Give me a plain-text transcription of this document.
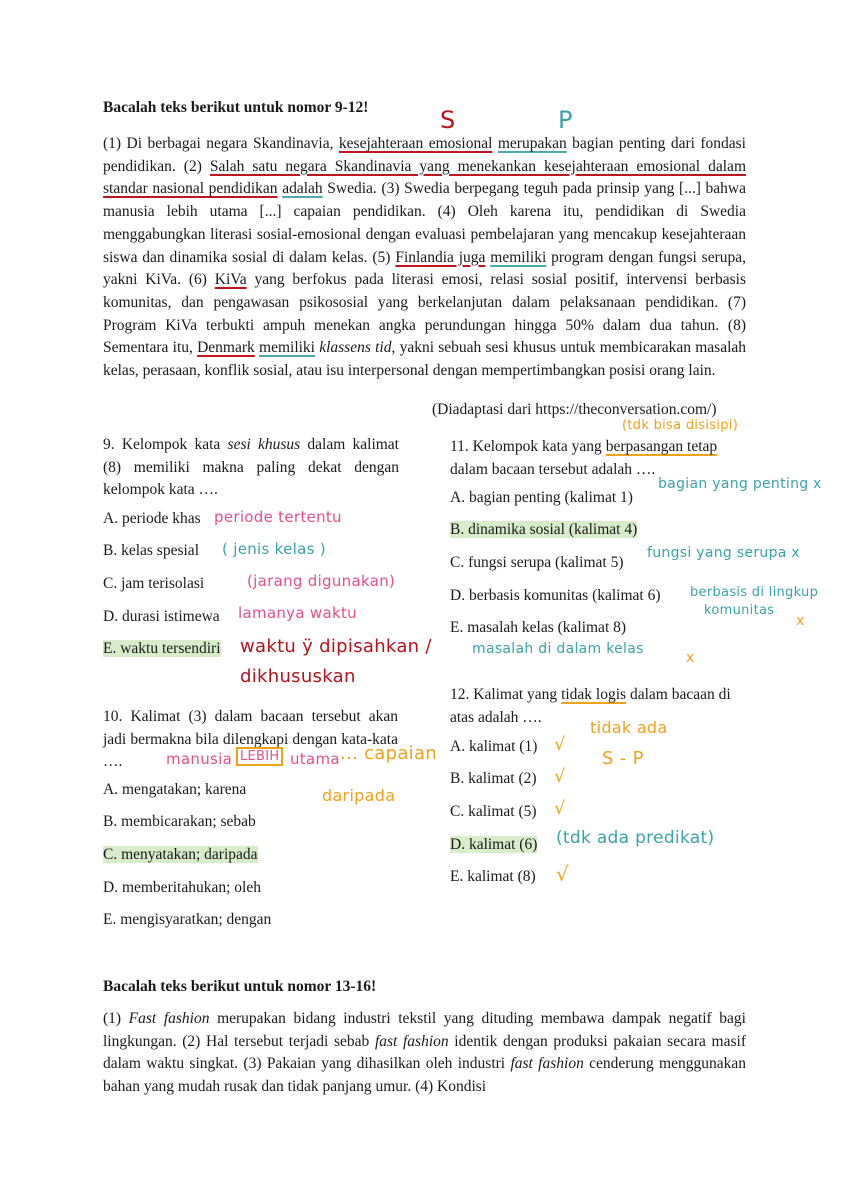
Bacalah teks berikut untuk nomor 9-12!	S	P

(1) Di berbagai negara Skandinavia, kesejahteraan emosional merupakan bagian penting dari fondasi pendidikan. (2) Salah satu negara Skandinavia yang menekankan kesejahteraan emosional dalam standar nasional pendidikan adalah Swedia. (3) Swedia berpegang teguh pada prinsip yang [...] bahwa manusia lebih utama [...] capaian pendidikan. (4) Oleh karena itu, pendidikan di Swedia menggabungkan literasi sosial-emosional dengan evaluasi pembelajaran yang mencakup kesejahteraan siswa dan dinamika sosial di dalam kelas. (5) Finlandia juga memiliki program dengan fungsi serupa, yakni KiVa. (6) KiVa yang berfokus pada literasi emosi, relasi sosial positif, intervensi berbasis komunitas, dan pengawasan psikososial yang berkelanjutan dalam pelaksanaan pendidikan. (7) Program KiVa terbukti ampuh menekan angka perundungan hingga 50% dalam dua tahun. (8) Sementara itu, Denmark memiliki klassens tid, yakni sebuah sesi khusus untuk membicarakan masalah kelas, perasaan, konflik sosial, atau isu interpersonal dengan mempertimbangkan posisi orang lain.

(Diadaptasi dari https://theconversation.com/)
9. Kelompok kata sesi khusus dalam kalimat (8) memiliki makna paling dekat dengan kelompok kata ….
A. periode khas
B. kelas spesial
C. jam terisolasi
D. durasi istimewa
E. waktu tersendiri
periode tertentu
( jenis kelas )
(jarang digunakan)
lamanya waktu
waktu ÿ dipisahkan /
dikhususkan
10. Kalimat (3) dalam bacaan tersebut akan jadi bermakna bila dilengkapi dengan kata-kata ….
A. mengatakan; karena
B. membicarakan; sebab
C. menyatakan; daripada
D. memberitahukan; oleh
E. mengisyaratkan; dengan
manusia LEBIH utama ... capaian
daripada
11. Kelompok kata yang berpasangan tetap dalam bacaan tersebut adalah ….
A. bagian penting (kalimat 1)
B. dinamika sosial (kalimat 4)
C. fungsi serupa (kalimat 5)
D. berbasis komunitas (kalimat 6)
E. masalah kelas (kalimat 8)
(tdk bisa disisipi)
bagian yang penting x
fungsi yang serupa x
berbasis di lingkup
komunitas
x
masalah di dalam kelas
x
12. Kalimat yang tidak logis dalam bacaan di atas adalah ….
A. kalimat (1)
B. kalimat (2)
C. kalimat (5)
D. kalimat (6)
E. kalimat (8)
tidak ada
S - P
√
√
√
(tdk ada predikat)
√
Bacalah teks berikut untuk nomor 13-16!

(1) Fast fashion merupakan bidang industri tekstil yang dituding membawa dampak negatif bagi lingkungan. (2) Hal tersebut terjadi sebab fast fashion identik dengan produksi pakaian secara masif dalam waktu singkat. (3) Pakaian yang dihasilkan oleh industri fast fashion cenderung menggunakan bahan yang mudah rusak dan tidak panjang umur. (4) Kondisi
